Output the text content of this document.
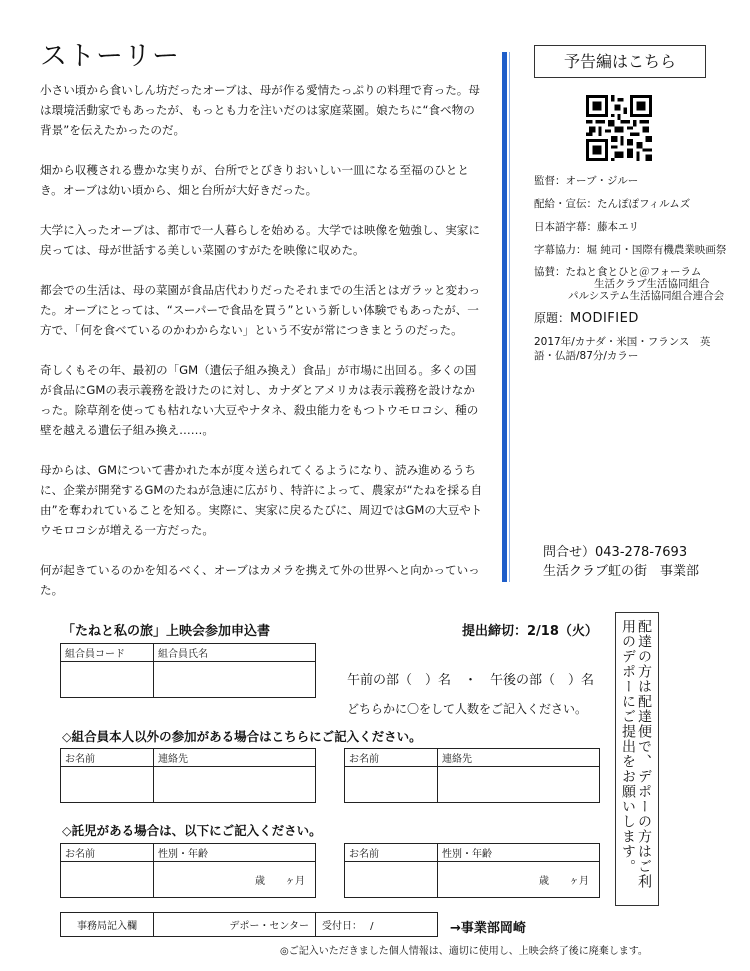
ストーリー

小さい頃から食いしん坊だったオーブは、母が作る愛情たっぷりの料理で育った。母は環境活動家でもあったが、もっとも力を注いだのは家庭菜園。娘たちに“食べ物の背景”を伝えたかったのだ。

畑から収穫される豊かな実りが、台所でとびきりおいしい一皿になる至福のひととき。オーブは幼い頃から、畑と台所が大好きだった。

大学に入ったオーブは、都市で一人暮らしを始める。大学では映像を勉強し、実家に戻っては、母が世話する美しい菜園のすがたを映像に収めた。

都会での生活は、母の菜園が食品店代わりだったそれまでの生活とはガラッと変わった。オーブにとっては、“スーパーで食品を買う”という新しい体験でもあったが、一方で、「何を食べているのかわからない」という不安が常につきまとうのだった。

奇しくもその年、最初の「GM（遺伝子組み換え）食品」が市場に出回る。多くの国が食品にGMの表示義務を設けたのに対し、カナダとアメリカは表示義務を設けなかった。除草剤を使っても枯れない大豆やナタネ、殺虫能力をもつトウモロコシ、種の壁を越える遺伝子組み換え……。

母からは、GMについて書かれた本が度々送られてくるようになり、読み進めるうちに、企業が開発するGMのたねが急速に広がり、特許によって、農家が“たねを採る自由”を奪われていることを知る。実際に、実家に戻るたびに、周辺ではGMの大豆やトウモロコシが増える一方だった。

何が起きているのかを知るべく、オーブはカメラを携えて外の世界へと向かっていった。

予告編はこちら
監督：オーブ・ジルー
配給・宣伝：たんぽぽフィルムズ
日本語字幕：藤本エリ
字幕協力：堀 純司・国際有機農業映画祭
協賛：たねと食とひと＠フォーラム
生活クラブ生活協同組合
パルシステム生活協同組合連合会
原題：MODIFIED
2017年/カナダ・米国・フランス　英
語・仏語/87分/カラー
問合せ）043-278-7693
生活クラブ虹の街　事業部
「たねと私の旅」上映会参加申込書	提出締切：2/18（火）
組合員コード	組合員氏名

午前の部（　）名　・　午後の部（　）名
どちらかに〇をして人数をご記入ください。
◇組合員本人以外の参加がある場合はこちらにご記入ください。
お名前	連絡先
		お名前	連絡先

◇託児がある場合は、以下にご記入ください。
お名前	性別・年齢
	歳　　ヶ月
お名前	性別・年齢
	歳　　ヶ月	配達の方は配達便で、デポーの方はご利用のデポーにご提出をお願いします。
事務局記入欄	デポー・センター	受付日：　 /	→事業部岡崎
◎ご記入いただきました個人情報は、適切に使用し、上映会終了後に廃棄します。
